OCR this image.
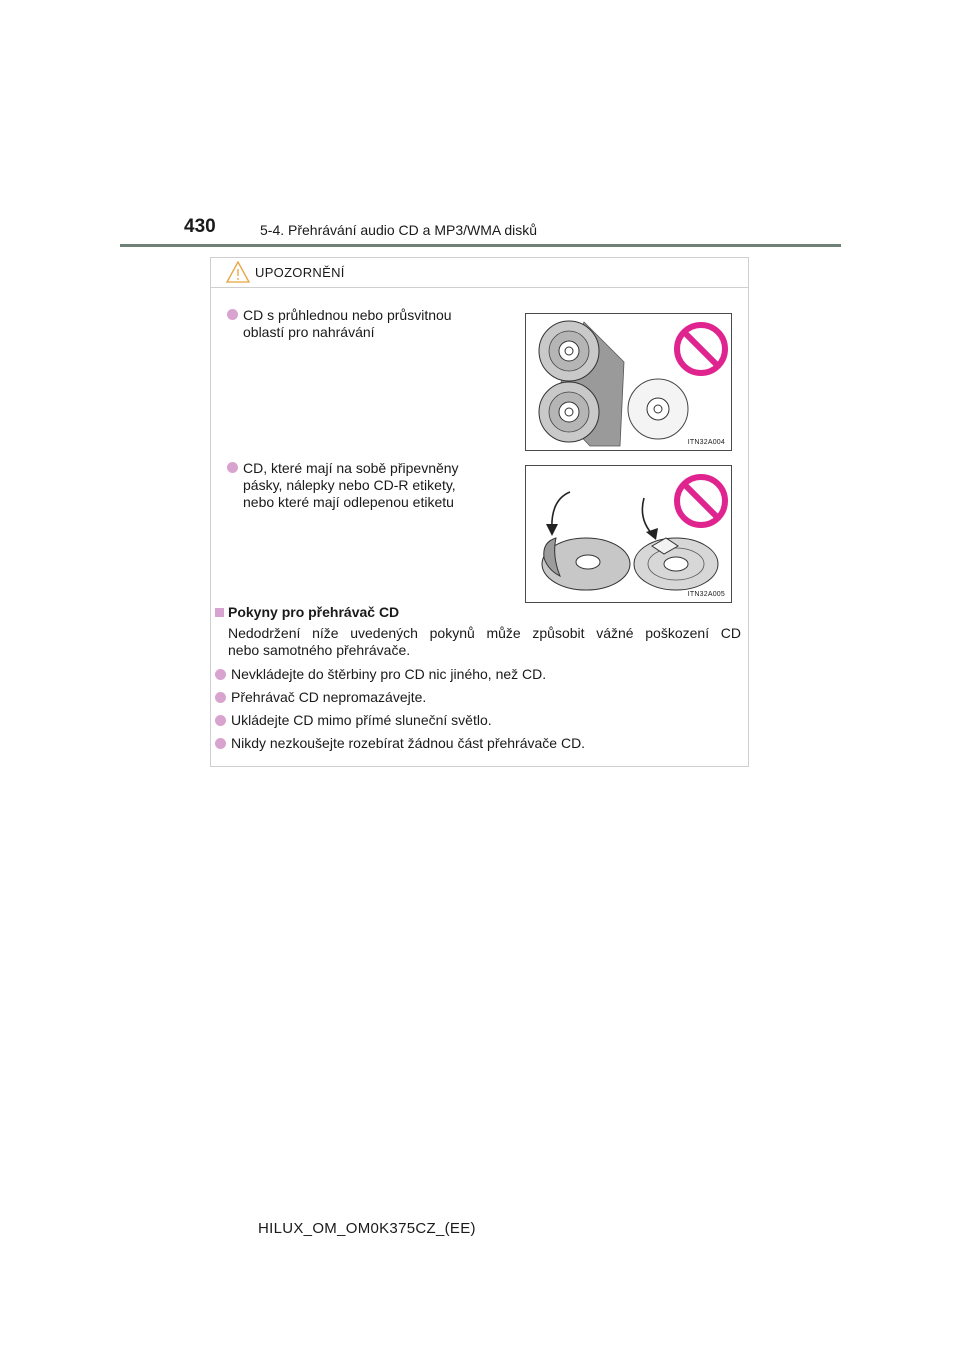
430	5-4. Přehrávání audio CD a MP3/WMA disků
UPOZORNĚNÍ
CD s průhlednou nebo průsvitnou
oblastí pro nahrávání
ITN32A004
CD, které mají na sobě připevněny
pásky, nálepky nebo CD-R etikety,
nebo které mají odlepenou etiketu
ITN32A005
Pokyny pro přehrávač CD
Nedodržení níže uvedených pokynů může způsobit vážné poškození CD
nebo samotného přehrávače.
Nevkládejte do štěrbiny pro CD nic jiného, než CD.
Přehrávač CD nepromazávejte.
Ukládejte CD mimo přímé sluneční světlo.
Nikdy nezkoušejte rozebírat žádnou část přehrávače CD.
HILUX_OM_OM0K375CZ_(EE)
